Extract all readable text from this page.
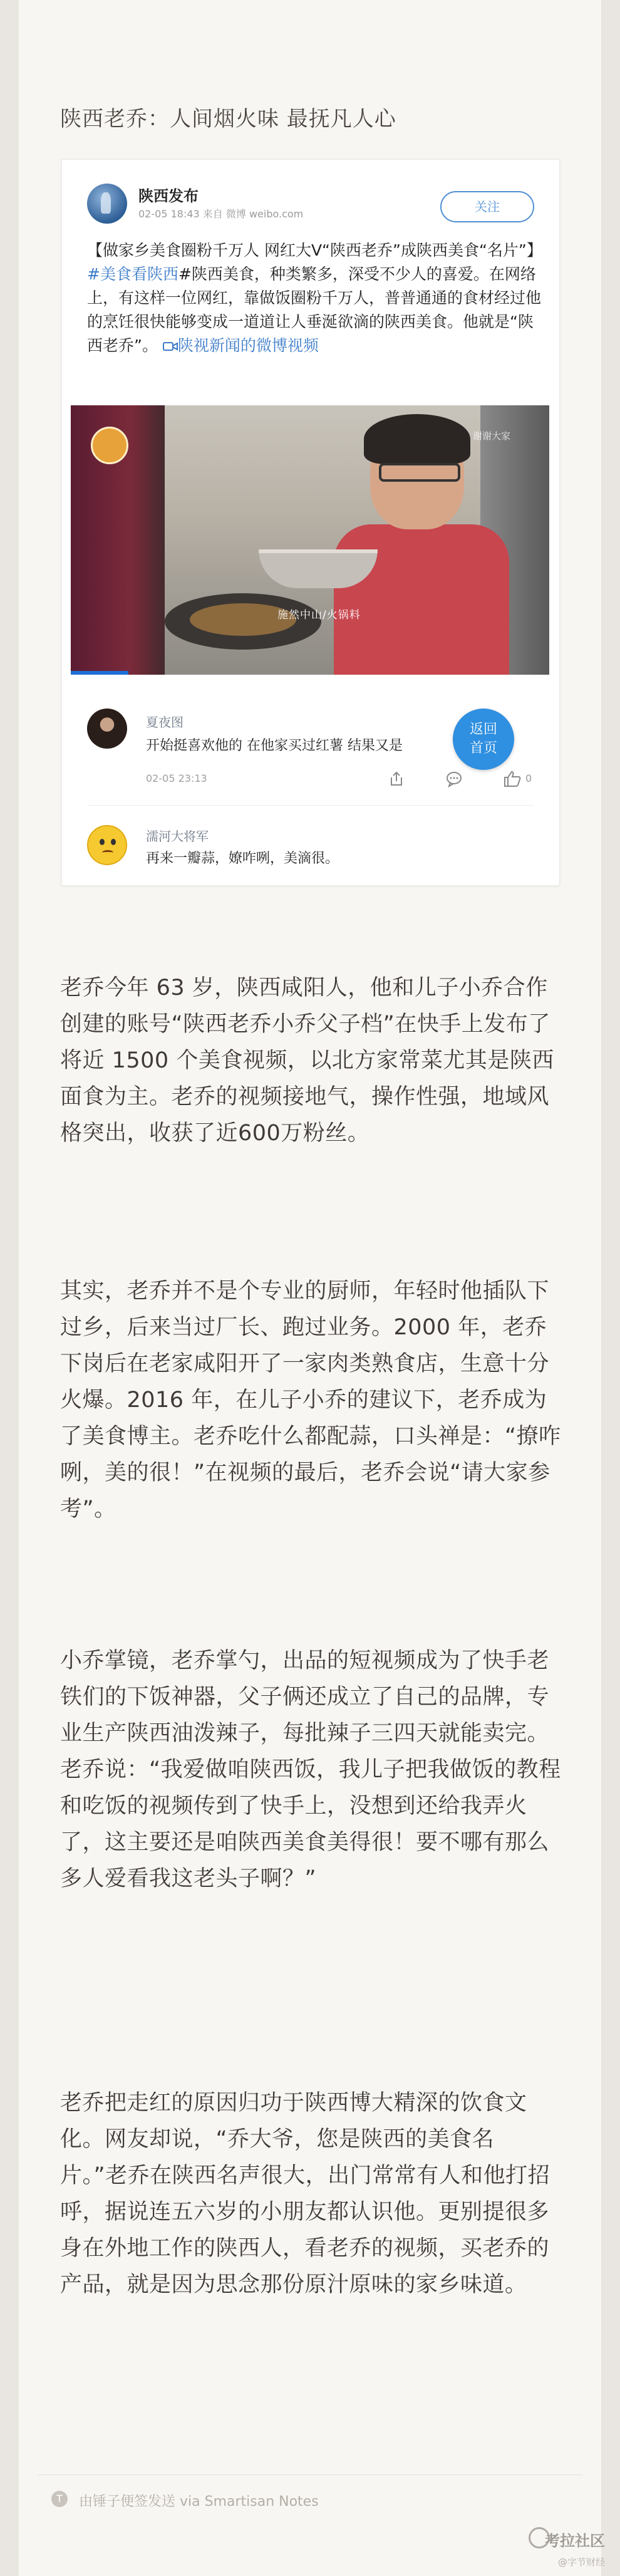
陕西老乔：人间烟火味 最抚凡人心
陕西发布
02-05 18:43 来自 微博 weibo.com	关注
【做家乡美食圈粉千万人 网红大V“陕西老乔”成陕西美食“名片”】#美食看陕西#陕西美食，种类繁多，深受不少人的喜爱。在网络上，有这样一位网红，靠做饭圈粉千万人，普普通通的食材经过他的烹饪很快能够变成一道道让人垂涎欲滴的陕西美食。他就是“陕西老乔”。 陕视新闻的微博视频
谢谢大家
施然中山/火锅料
夏夜图
开始挺喜欢他的 在他家买过红薯 结果又是
02-05 23:13	0
返回
首页
濡河大将军
再来一瓣蒜，嫽咋咧，美滴很。
老乔今年 63 岁，陕西咸阳人，他和儿子小乔合作创建的账号“陕西老乔小乔父子档”在快手上发布了将近 1500 个美食视频，以北方家常菜尤其是陕西面食为主。老乔的视频接地气，操作性强，地域风格突出，收获了近600万粉丝。
其实，老乔并不是个专业的厨师，年轻时他插队下过乡，后来当过厂长、跑过业务。2000 年，老乔下岗后在老家咸阳开了一家肉类熟食店，生意十分火爆。2016 年，在儿子小乔的建议下，老乔成为了美食博主。老乔吃什么都配蒜，口头禅是：“撩咋咧，美的很！”在视频的最后，老乔会说“请大家参考”。
小乔掌镜，老乔掌勺，出品的短视频成为了快手老铁们的下饭神器，父子俩还成立了自己的品牌，专业生产陕西油泼辣子，每批辣子三四天就能卖完。老乔说：“我爱做咱陕西饭，我儿子把我做饭的教程和吃饭的视频传到了快手上，没想到还给我弄火了，这主要还是咱陕西美食美得很！要不哪有那么多人爱看我这老头子啊？”
老乔把走红的原因归功于陕西博大精深的饮食文化。网友却说，“乔大爷，您是陕西的美食名片。”老乔在陕西名声很大，出门常常有人和他打招呼，据说连五六岁的小朋友都认识他。更别提很多身在外地工作的陕西人，看老乔的视频，买老乔的产品，就是因为思念那份原汁原味的家乡味道。
T	由锤子便签发送 via Smartisan Notes
考拉社区
@字节财经
